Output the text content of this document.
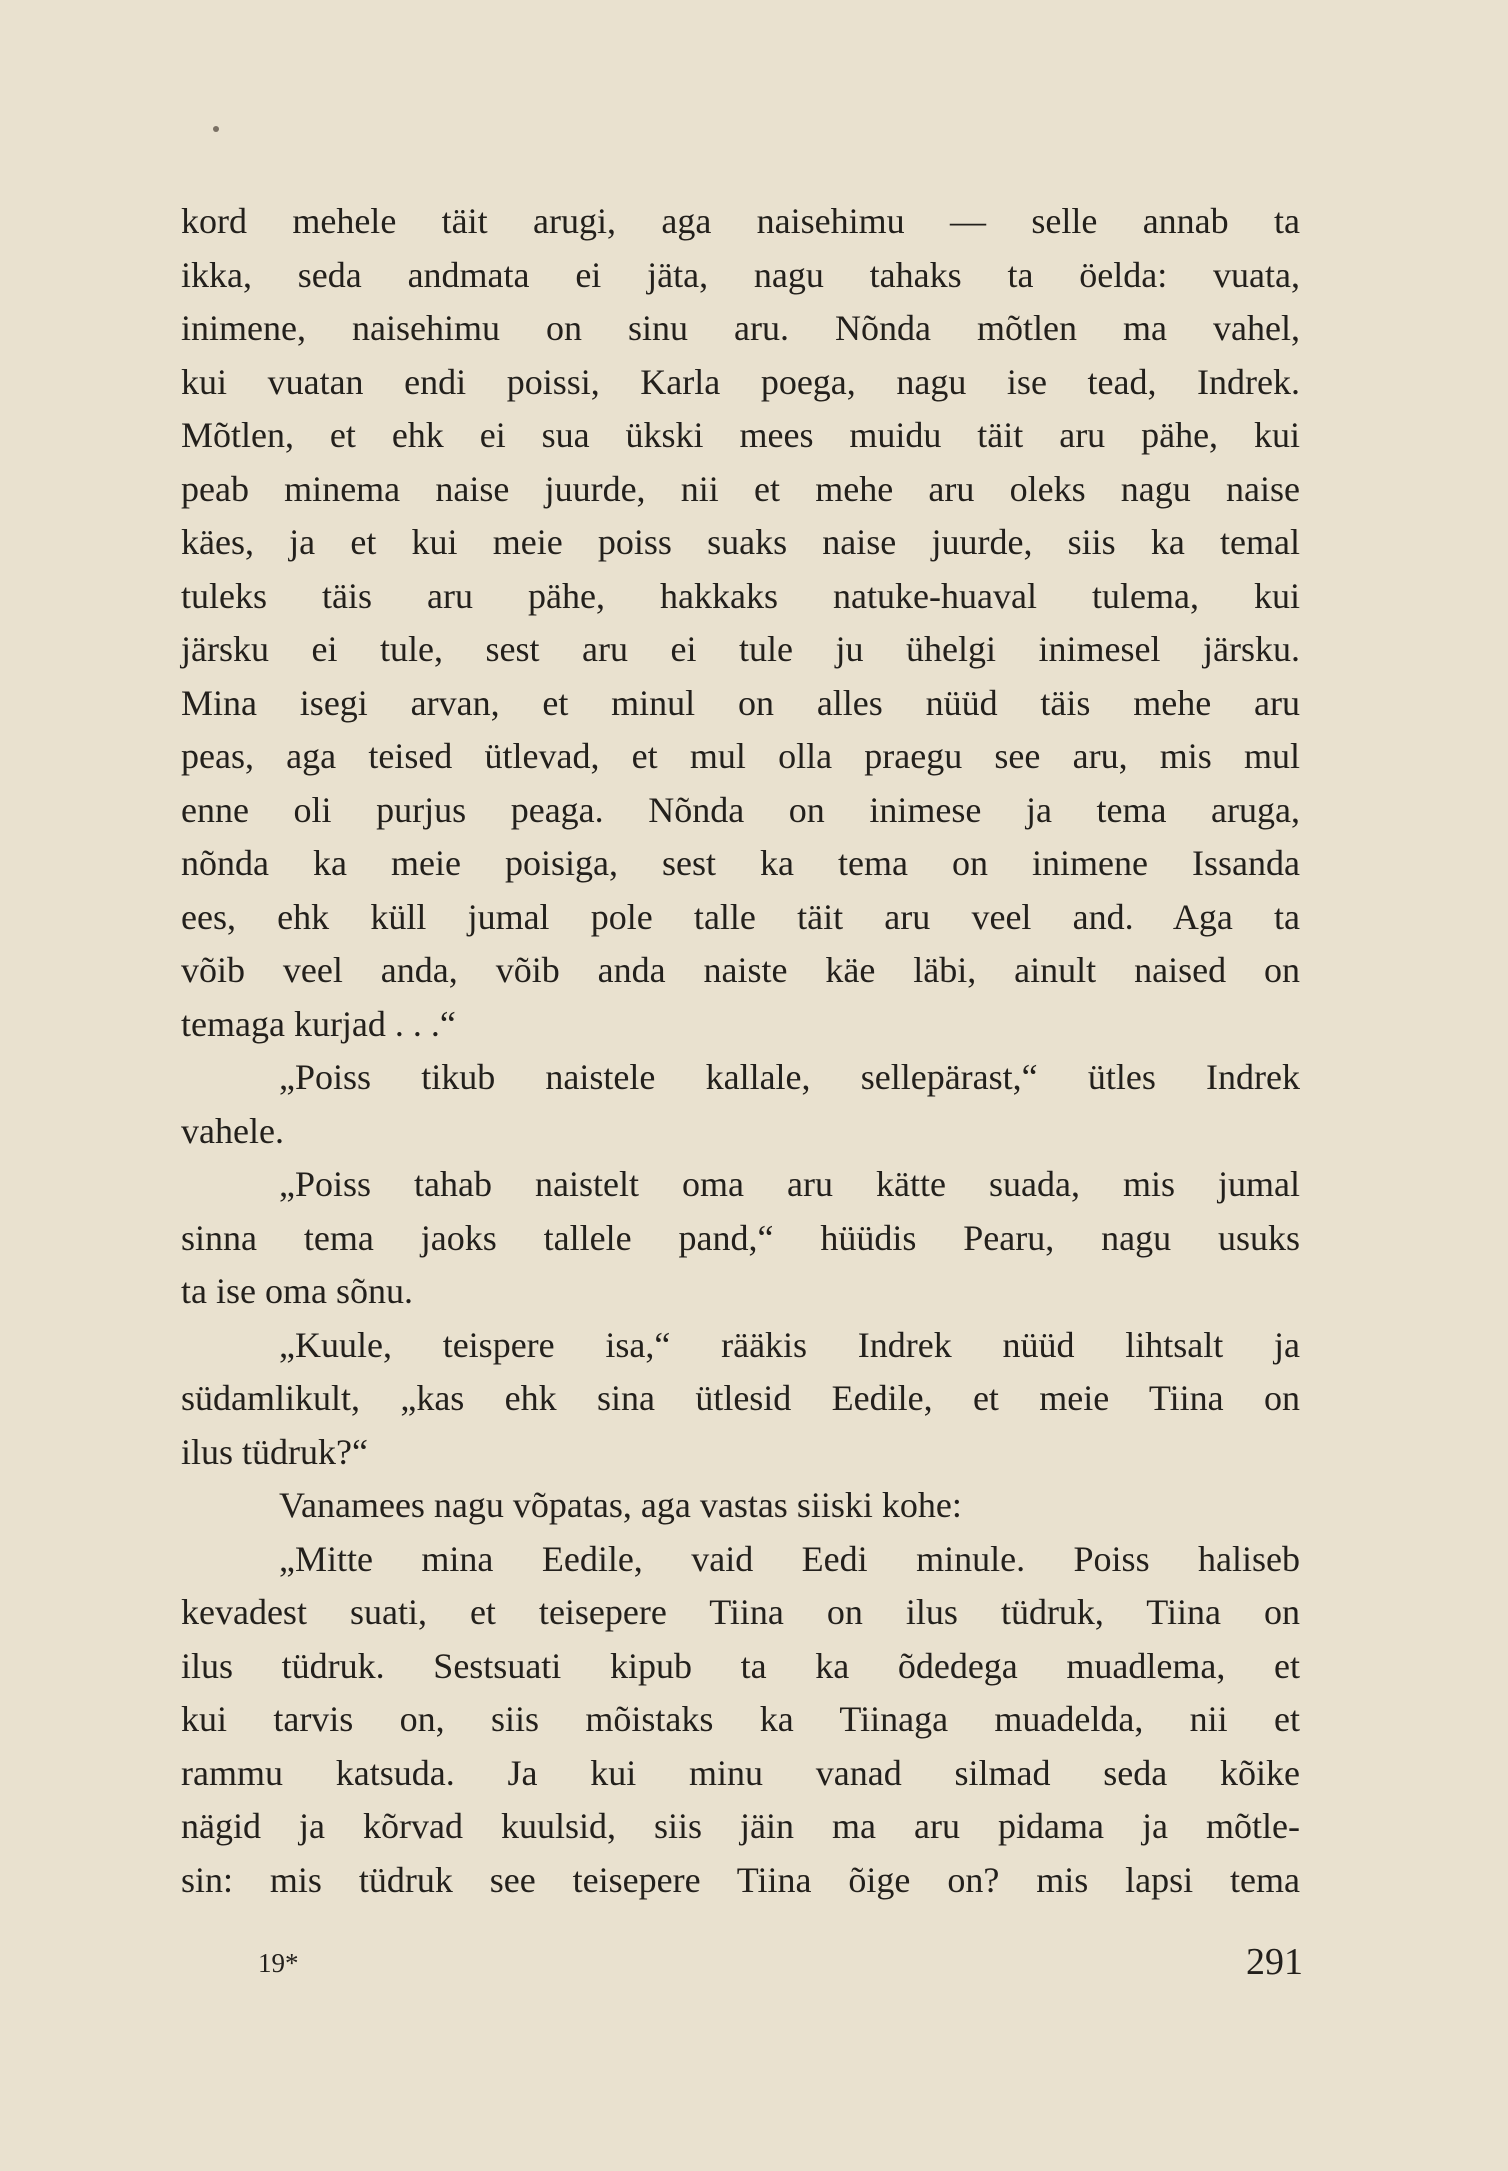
kord mehele täit arugi, aga naisehimu — selle annab ta
ikka, seda andmata ei jäta, nagu tahaks ta öelda: vuata,
inimene, naisehimu on sinu aru. Nõnda mõtlen ma vahel,
kui vuatan endi poissi, Karla poega, nagu ise tead, Indrek.
Mõtlen, et ehk ei sua ükski mees muidu täit aru pähe, kui
peab minema naise juurde, nii et mehe aru oleks nagu naise
käes, ja et kui meie poiss suaks naise juurde, siis ka temal
tuleks täis aru pähe, hakkaks natuke-huaval tulema, kui
järsku ei tule, sest aru ei tule ju ühelgi inimesel järsku.
Mina isegi arvan, et minul on alles nüüd täis mehe aru
peas, aga teised ütlevad, et mul olla praegu see aru, mis mul
enne oli purjus peaga. Nõnda on inimese ja tema aruga,
nõnda ka meie poisiga, sest ka tema on inimene Issanda
ees, ehk küll jumal pole talle täit aru veel and. Aga ta
võib veel anda, võib anda naiste käe läbi, ainult naised on
temaga kurjad . . .“
„Poiss tikub naistele kallale, sellepärast,“ ütles Indrek
vahele.
„Poiss tahab naistelt oma aru kätte suada, mis jumal
sinna tema jaoks tallele pand,“ hüüdis Pearu, nagu usuks
ta ise oma sõnu.
„Kuule, teispere isa,“ rääkis Indrek nüüd lihtsalt ja
südamlikult, „kas ehk sina ütlesid Eedile, et meie Tiina on
ilus tüdruk?“
Vanamees nagu võpatas, aga vastas siiski kohe:
„Mitte mina Eedile, vaid Eedi minule. Poiss haliseb
kevadest suati, et teisepere Tiina on ilus tüdruk, Tiina on
ilus tüdruk. Sestsuati kipub ta ka õdedega muadlema, et
kui tarvis on, siis mõistaks ka Tiinaga muadelda, nii et
rammu katsuda. Ja kui minu vanad silmad seda kõike
nägid ja kõrvad kuulsid, siis jäin ma aru pidama ja mõtle-
sin: mis tüdruk see teisepere Tiina õige on? mis lapsi tema
19*	291
